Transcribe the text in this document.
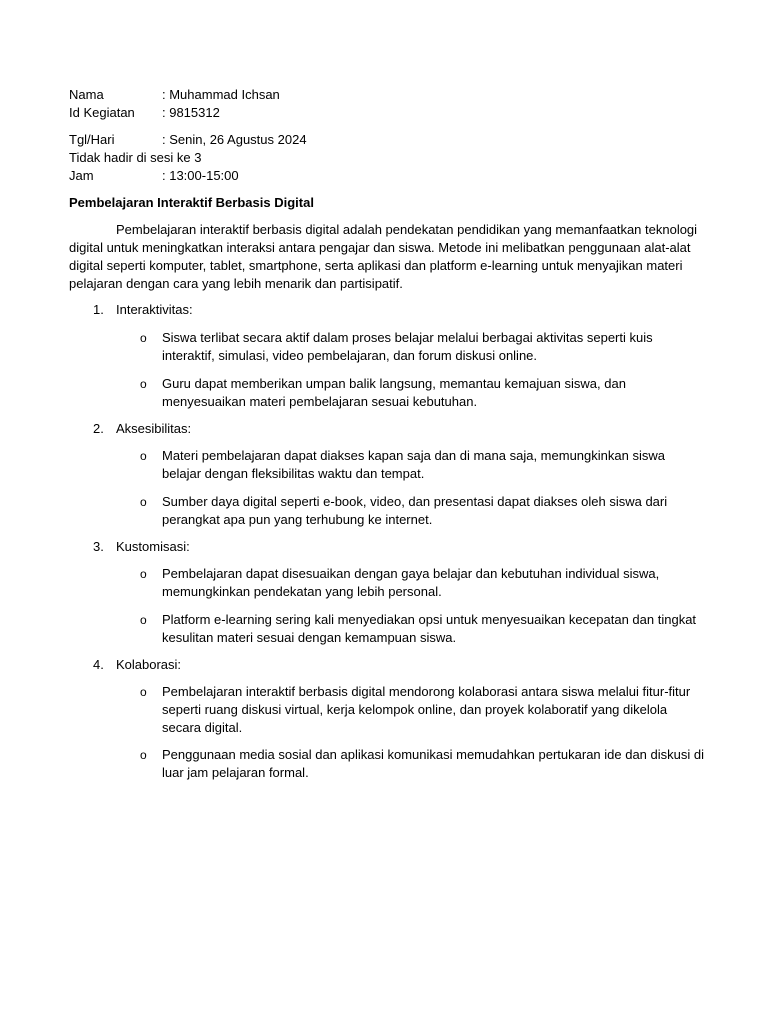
Nama	: Muhammad Ichsan
Id Kegiatan : 9815312
Tgl/Hari	: Senin, 26 Agustus 2024
Tidak hadir di sesi ke 3
Jam	: 13:00-15:00
Pembelajaran Interaktif Berbasis Digital
Pembelajaran interaktif berbasis digital adalah pendekatan pendidikan yang memanfaatkan teknologi
digital untuk meningkatkan interaksi antara pengajar dan siswa. Metode ini melibatkan penggunaan alat-alat
digital seperti komputer, tablet, smartphone, serta aplikasi dan platform e-learning untuk menyajikan materi
pelajaran dengan cara yang lebih menarik dan partisipatif.
1. Interaktivitas:
o Siswa terlibat secara aktif dalam proses belajar melalui berbagai aktivitas seperti kuis
interaktif, simulasi, video pembelajaran, dan forum diskusi online.
o Guru dapat memberikan umpan balik langsung, memantau kemajuan siswa, dan
menyesuaikan materi pembelajaran sesuai kebutuhan.
2. Aksesibilitas:
o Materi pembelajaran dapat diakses kapan saja dan di mana saja, memungkinkan siswa
belajar dengan fleksibilitas waktu dan tempat.
o Sumber daya digital seperti e-book, video, dan presentasi dapat diakses oleh siswa dari
perangkat apa pun yang terhubung ke internet.
3. Kustomisasi:
o Pembelajaran dapat disesuaikan dengan gaya belajar dan kebutuhan individual siswa,
memungkinkan pendekatan yang lebih personal.
o Platform e-learning sering kali menyediakan opsi untuk menyesuaikan kecepatan dan tingkat
kesulitan materi sesuai dengan kemampuan siswa.
4. Kolaborasi:
o Pembelajaran interaktif berbasis digital mendorong kolaborasi antara siswa melalui fitur-fitur
seperti ruang diskusi virtual, kerja kelompok online, dan proyek kolaboratif yang dikelola
secara digital.
o Penggunaan media sosial dan aplikasi komunikasi memudahkan pertukaran ide dan diskusi di
luar jam pelajaran formal.
